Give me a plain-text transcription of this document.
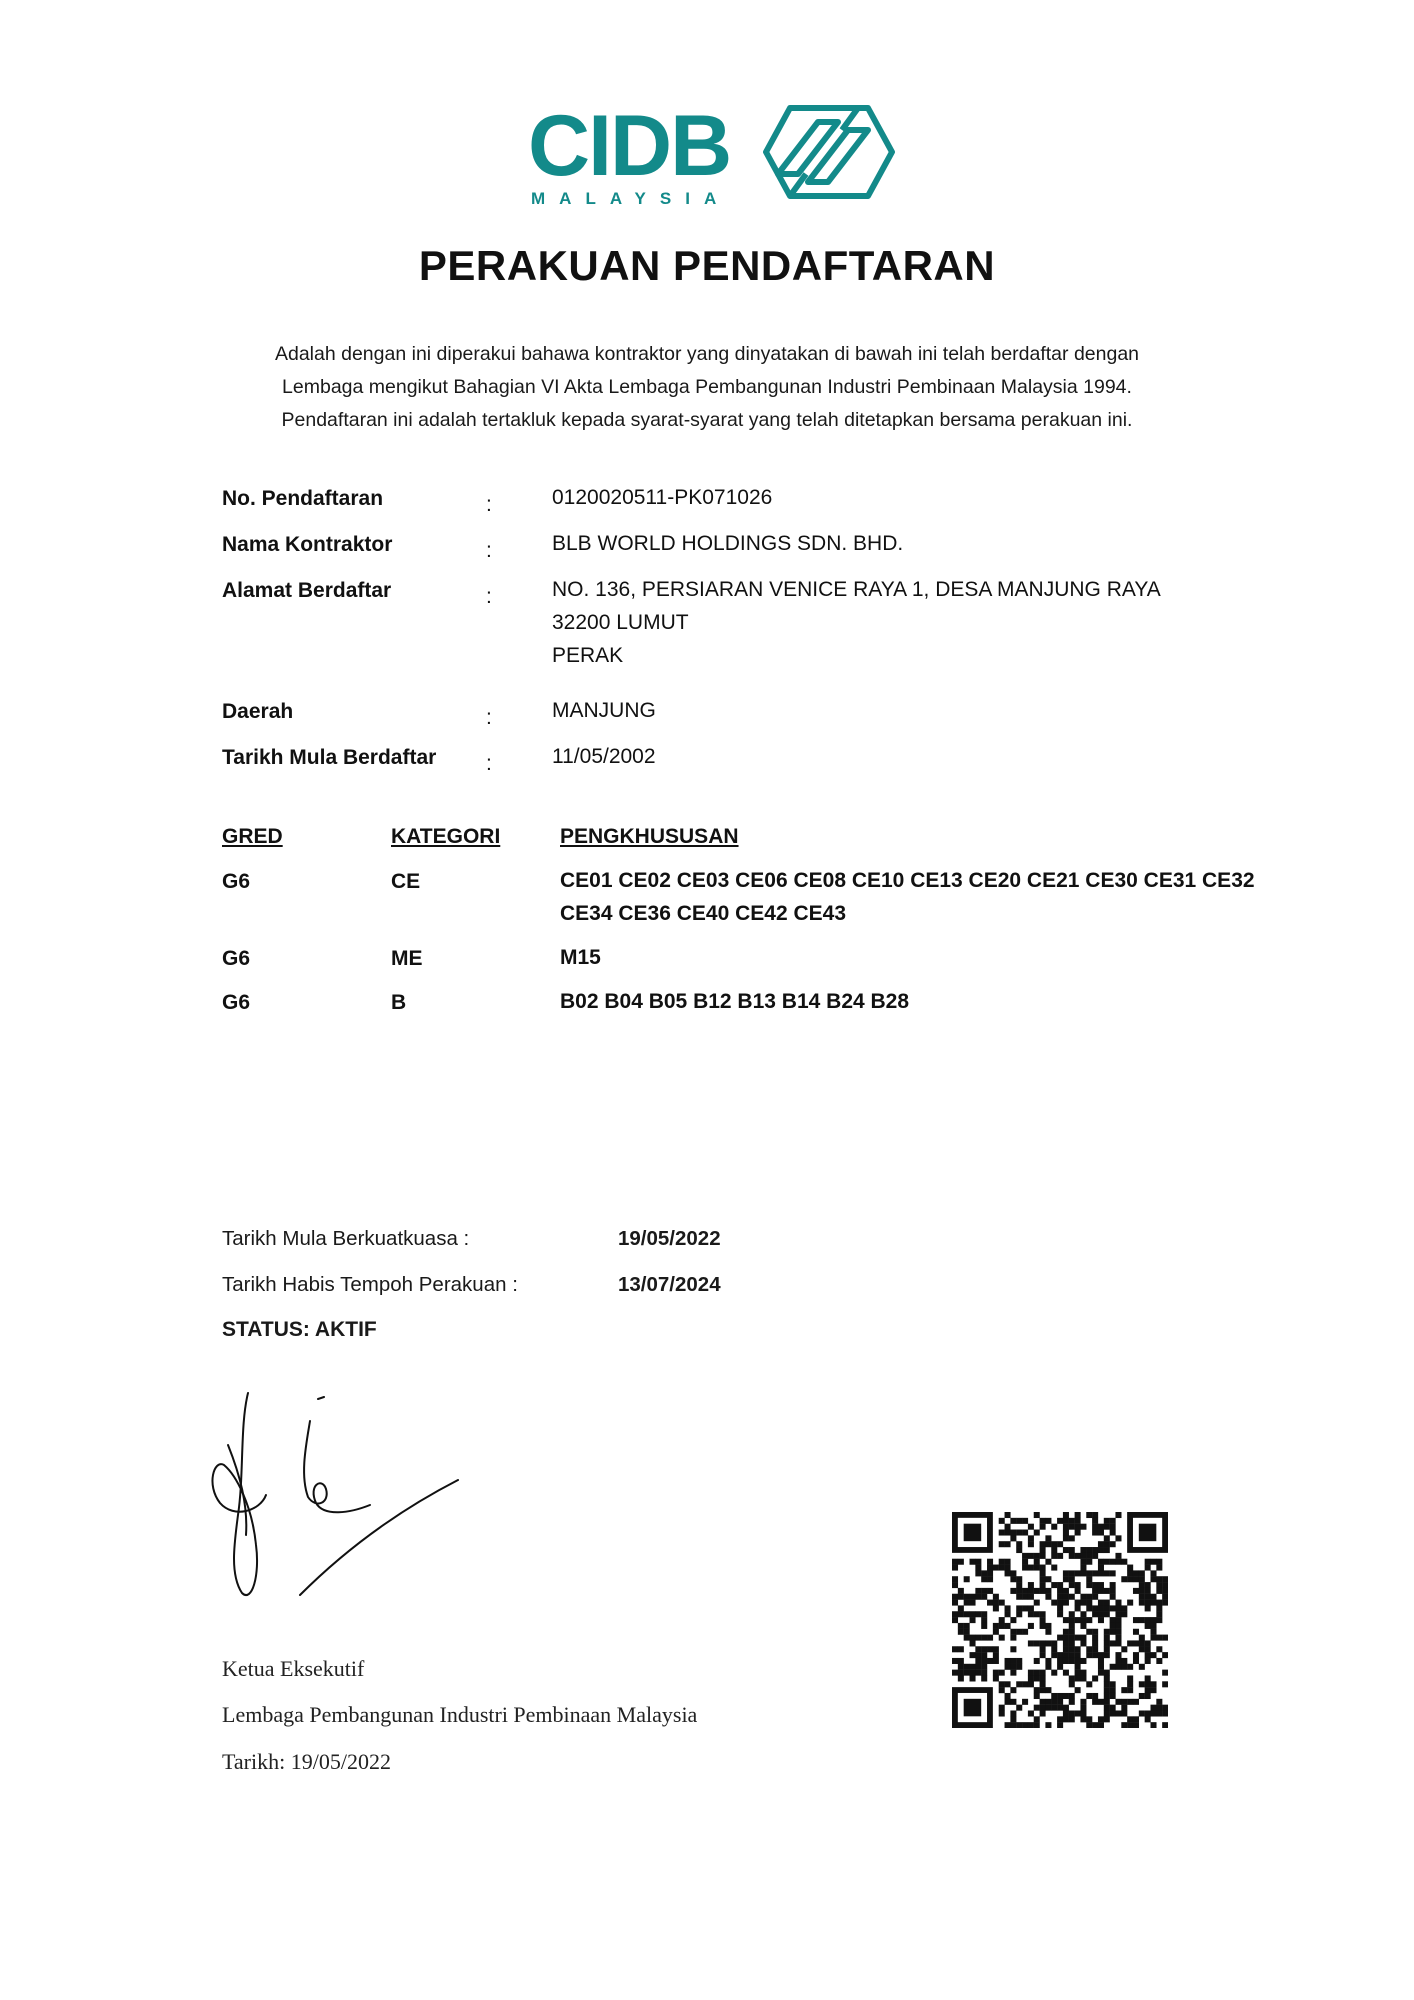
CIDB
MALAYSIA
PERAKUAN PENDAFTARAN
Adalah dengan ini diperakui bahawa kontraktor yang dinyatakan di bawah ini telah berdaftar dengan
Lembaga mengikut Bahagian VI Akta Lembaga Pembangunan Industri Pembinaan Malaysia 1994.
Pendaftaran ini adalah tertakluk kepada syarat-syarat yang telah ditetapkan bersama perakuan ini.
No. Pendaftaran	:	0120020511-PK071026
Nama Kontraktor	:	BLB WORLD HOLDINGS SDN. BHD.
Alamat Berdaftar	:	NO. 136, PERSIARAN VENICE RAYA 1, DESA MANJUNG RAYA
32200 LUMUT
PERAK
Daerah	:	MANJUNG
Tarikh Mula Berdaftar :	11/05/2002
GRED	KATEGORI	PENGKHUSUSAN
G6	CE	CE01 CE02 CE03 CE06 CE08 CE10 CE13 CE20 CE21 CE30 CE31 CE32
CE34 CE36 CE40 CE42 CE43
G6	ME	M15
G6	B	B02 B04 B05 B12 B13 B14 B24 B28
Tarikh Mula Berkuatkuasa :	19/05/2022
Tarikh Habis Tempoh Perakuan :	13/07/2024
STATUS: AKTIF
Ketua Eksekutif
Lembaga Pembangunan Industri Pembinaan Malaysia
Tarikh: 19/05/2022
